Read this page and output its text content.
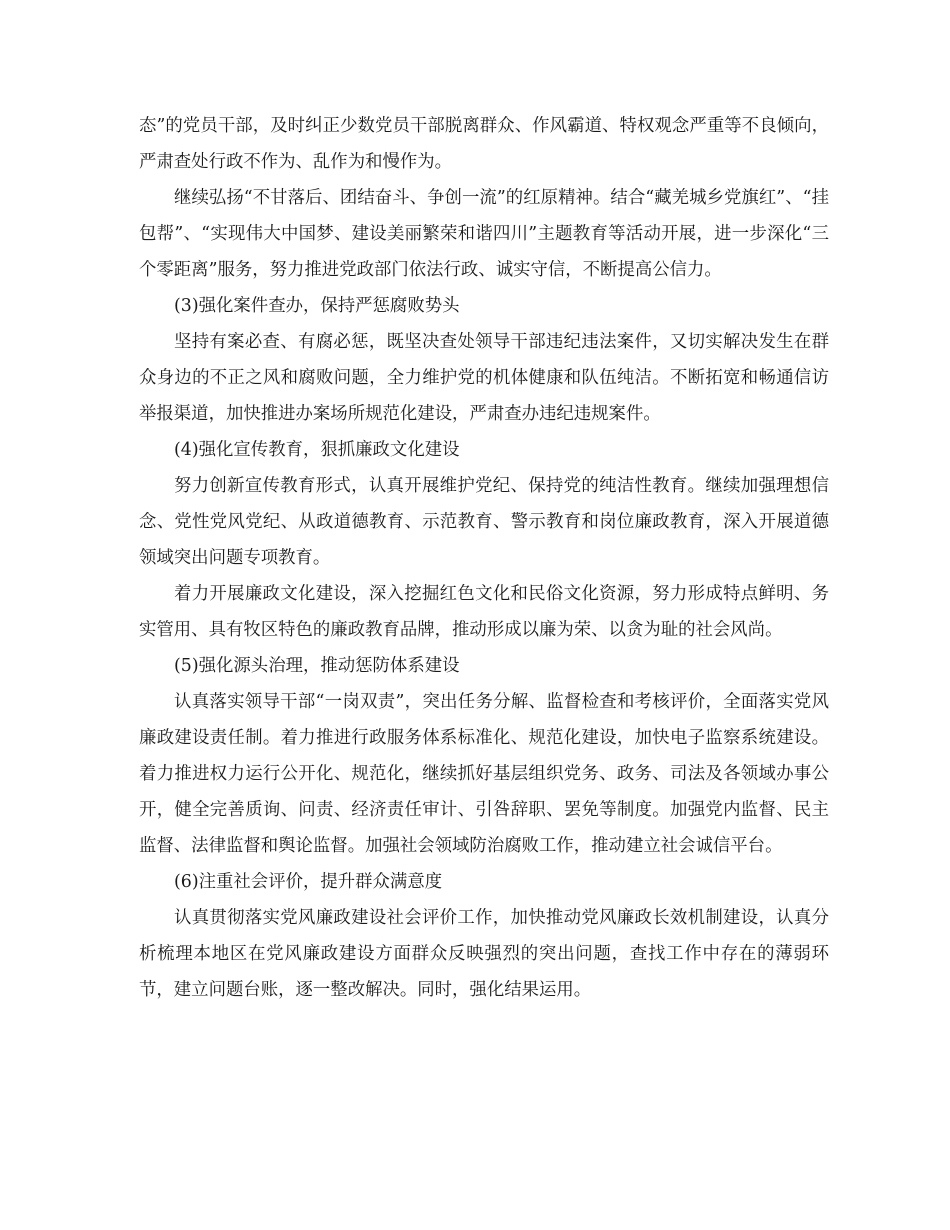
态”的党员干部，及时纠正少数党员干部脱离群众、作风霸道、特权观念严重等不良倾向，严肃查处行政不作为、乱作为和慢作为。

继续弘扬“不甘落后、团结奋斗、争创一流”的红原精神。结合“藏羌城乡党旗红”、“挂包帮”、“实现伟大中国梦、建设美丽繁荣和谐四川”主题教育等活动开展，进一步深化“三个零距离”服务，努力推进党政部门依法行政、诚实守信，不断提高公信力。

(3)强化案件查办，保持严惩腐败势头

坚持有案必查、有腐必惩，既坚决查处领导干部违纪违法案件，又切实解决发生在群众身边的不正之风和腐败问题，全力维护党的机体健康和队伍纯洁。不断拓宽和畅通信访举报渠道，加快推进办案场所规范化建设，严肃查办违纪违规案件。

(4)强化宣传教育，狠抓廉政文化建设

努力创新宣传教育形式，认真开展维护党纪、保持党的纯洁性教育。继续加强理想信念、党性党风党纪、从政道德教育、示范教育、警示教育和岗位廉政教育，深入开展道德领域突出问题专项教育。

着力开展廉政文化建设，深入挖掘红色文化和民俗文化资源，努力形成特点鲜明、务实管用、具有牧区特色的廉政教育品牌，推动形成以廉为荣、以贪为耻的社会风尚。

(5)强化源头治理，推动惩防体系建设

认真落实领导干部“一岗双责”，突出任务分解、监督检查和考核评价，全面落实党风廉政建设责任制。着力推进行政服务体系标准化、规范化建设，加快电子监察系统建设。着力推进权力运行公开化、规范化，继续抓好基层组织党务、政务、司法及各领域办事公开，健全完善质询、问责、经济责任审计、引咎辞职、罢免等制度。加强党内监督、民主监督、法律监督和舆论监督。加强社会领域防治腐败工作，推动建立社会诚信平台。

(6)注重社会评价，提升群众满意度

认真贯彻落实党风廉政建设社会评价工作，加快推动党风廉政长效机制建设，认真分析梳理本地区在党风廉政建设方面群众反映强烈的突出问题，查找工作中存在的薄弱环节，建立问题台账，逐一整改解决。同时，强化结果运用。
